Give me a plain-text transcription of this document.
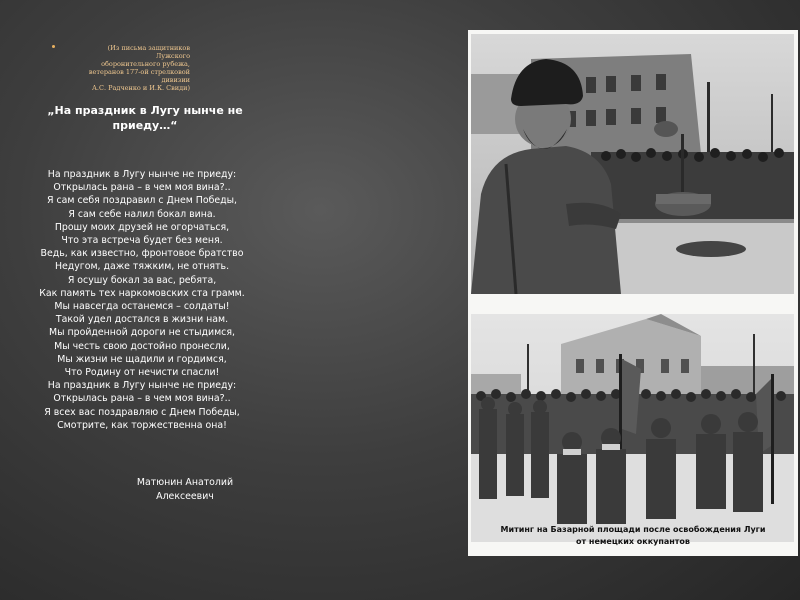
(Из письма защитников
Лужского
оборонительного рубежа,
ветеранов 177-ой стрелковой
дивизии
А.С. Радченко и И.К. Свиди)
„На праздник в Лугу нынче не приеду…“
На праздник в Лугу нынче не приеду:
Открылась рана – в чем моя вина?..
Я сам себя поздравил с Днем Победы,
Я сам себе налил бокал вина.
Прошу моих друзей не огорчаться,
Что эта встреча будет без меня.
Ведь, как известно, фронтовое братство
Недугом, даже тяжким, не отнять.
Я осушу бокал за вас, ребята,
Как память тех наркомовских ста грамм.
Мы навсегда останемся – солдаты!
Такой удел достался в жизни нам.
Мы пройденной дороги не стыдимся,
Мы честь свою достойно пронесли,
Мы жизни не щадили и гордимся,
Что Родину от нечисти спасли!
На праздник в Лугу нынче не приеду:
Открылась рана – в чем моя вина?..
Я всех вас поздравляю с Днем Победы,
Смотрите, как торжественна она!
Матюнин Анатолий
Алексеевич
Митинг на Базарной площади после освобождения Луги
от немецких оккупантов
